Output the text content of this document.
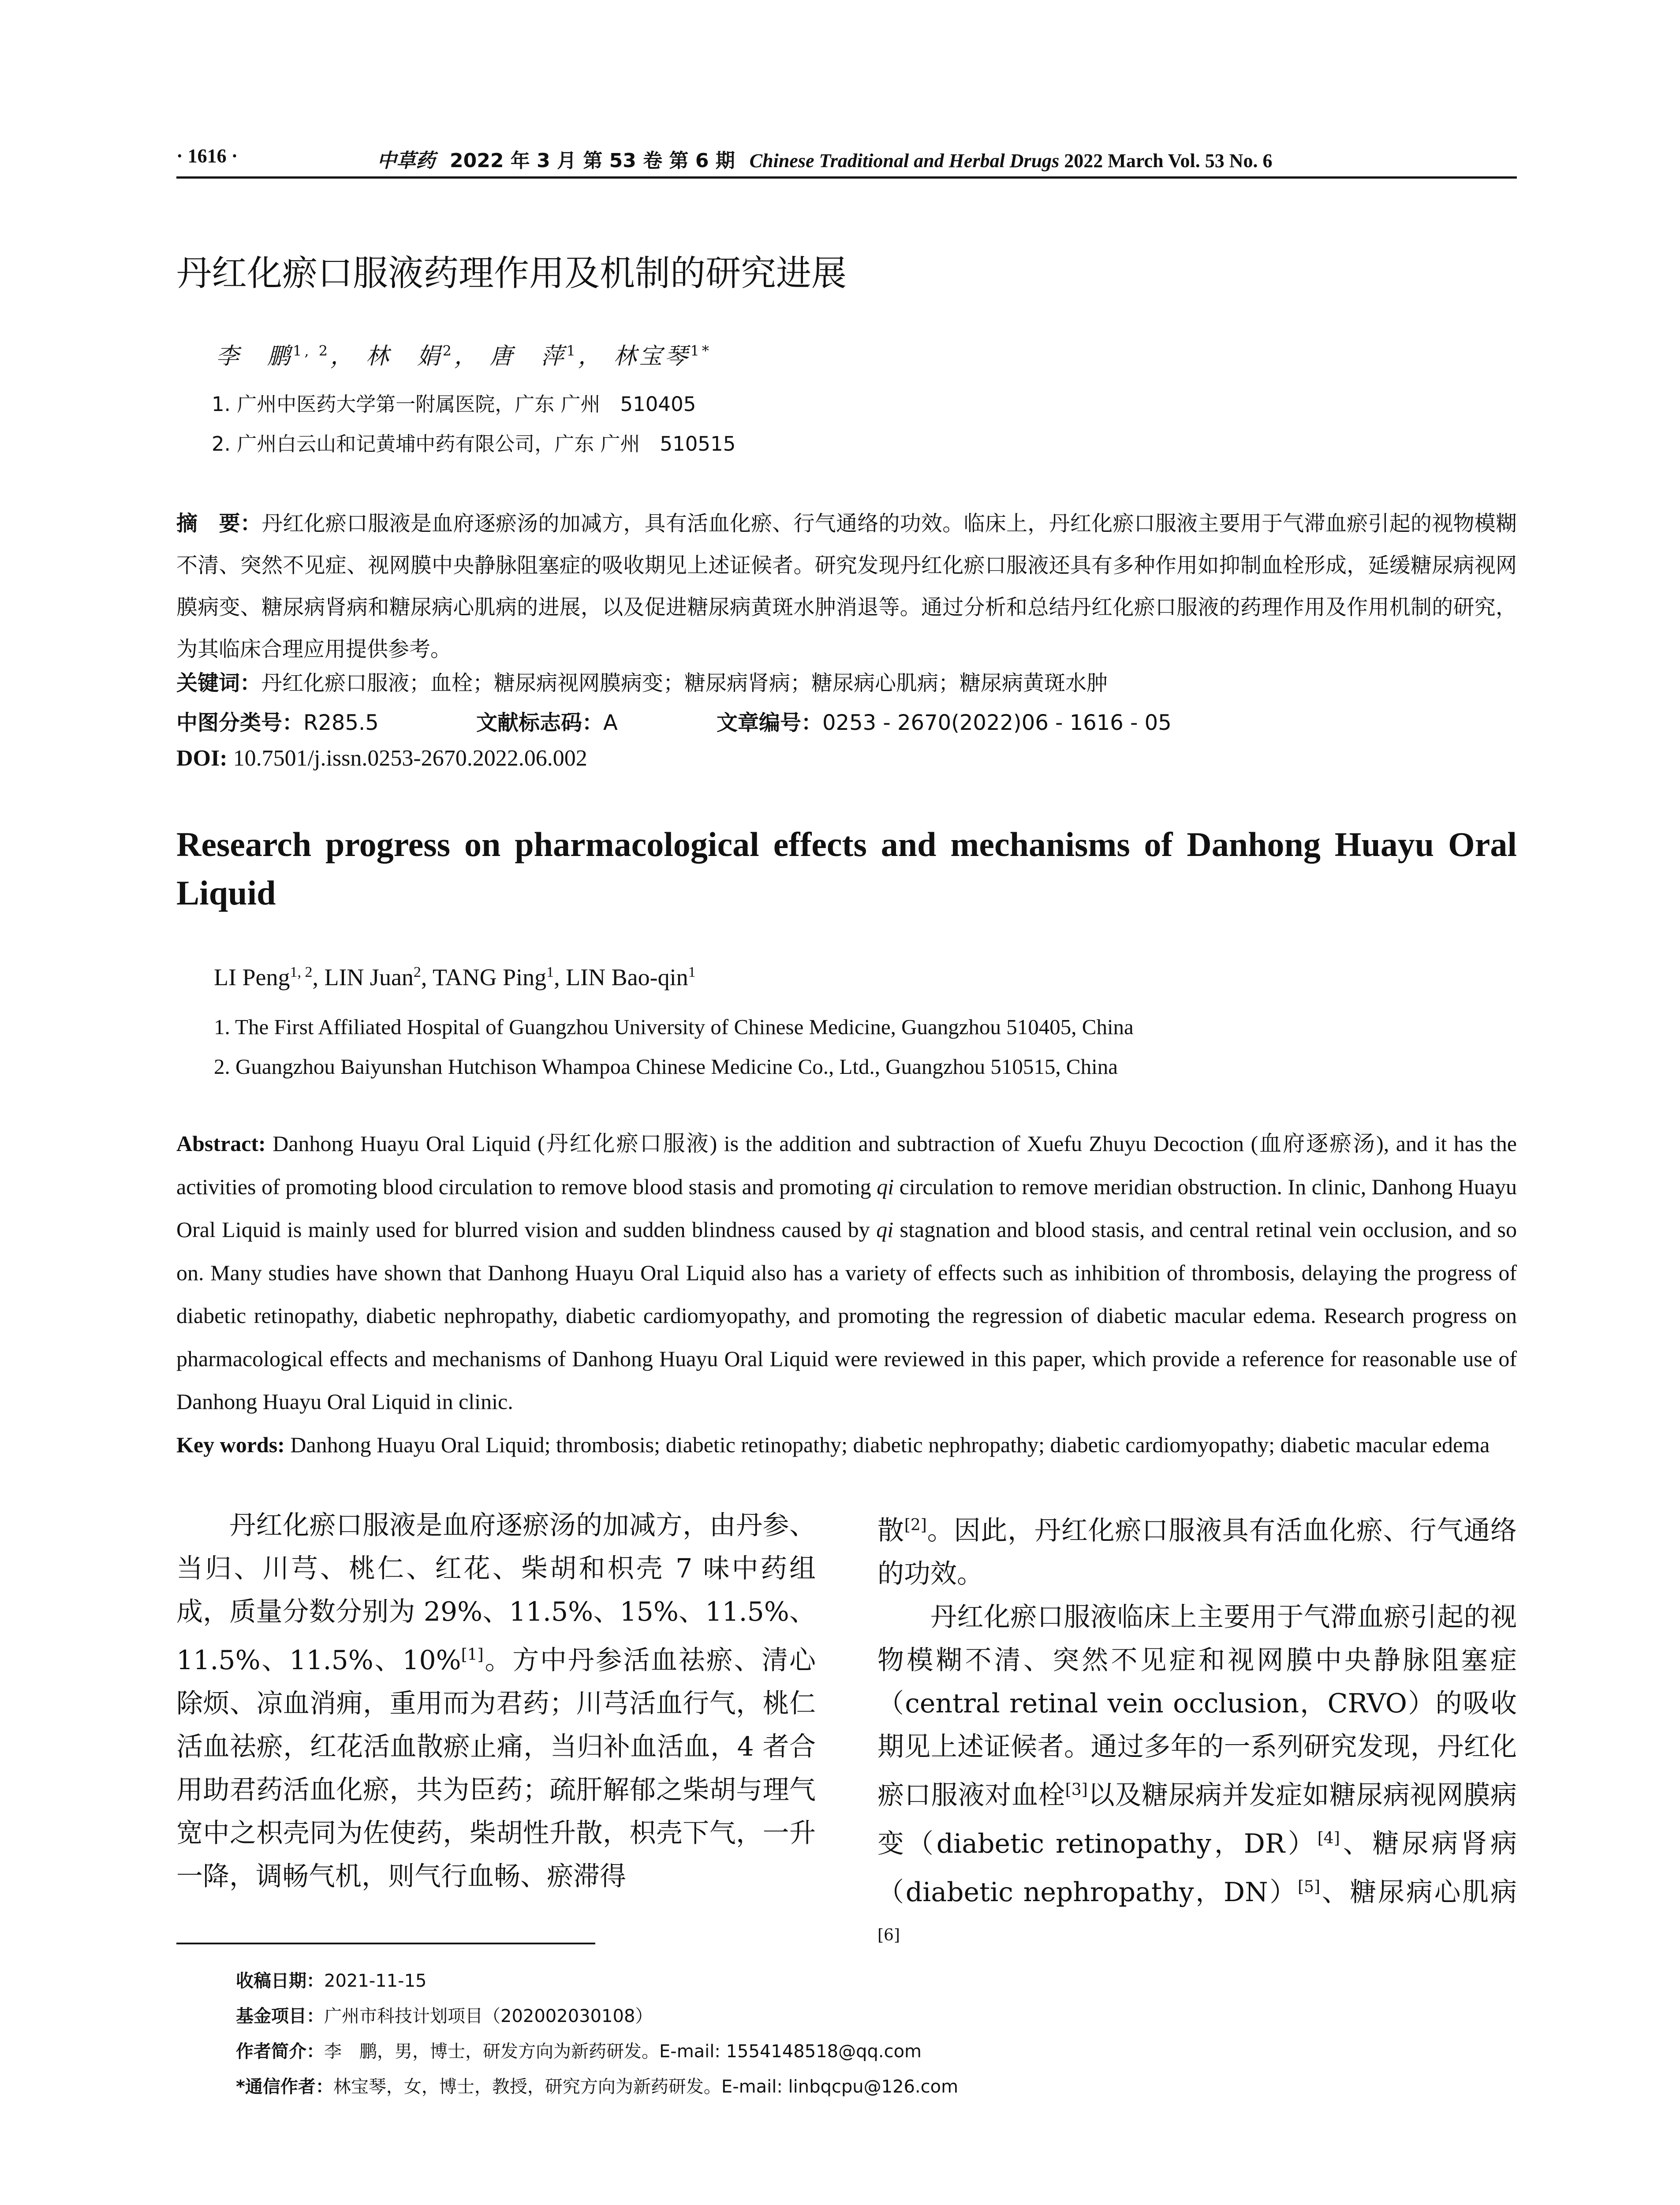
· 1616 ·	中草药 2022 年 3 月 第 53 卷 第 6 期 Chinese Traditional and Herbal Drugs 2022 March Vol. 53 No. 6
丹红化瘀口服液药理作用及机制的研究进展
李　鹏$^{1, 2}$， 林　娟$^2$， 唐　萍$^1$， 林宝琴$^{1*}$
1. 广州中医药大学第一附属医院，广东 广州　510405
2. 广州白云山和记黄埔中药有限公司，广东 广州　510515
摘　要：丹红化瘀口服液是血府逐瘀汤的加减方，具有活血化瘀、行气通络的功效。临床上，丹红化瘀口服液主要用于气滞血瘀引起的视物模糊不清、突然不见症、视网膜中央静脉阻塞症的吸收期见上述证候者。研究发现丹红化瘀口服液还具有多种作用如抑制血栓形成，延缓糖尿病视网膜病变、糖尿病肾病和糖尿病心肌病的进展，以及促进糖尿病黄斑水肿消退等。通过分析和总结丹红化瘀口服液的药理作用及作用机制的研究，为其临床合理应用提供参考。
关键词：丹红化瘀口服液；血栓；糖尿病视网膜病变；糖尿病肾病；糖尿病心肌病；糖尿病黄斑水肿
中图分类号：R285.5	文献标志码：A	文章编号：0253 - 2670(2022)06 - 1616 - 05
DOI: 10.7501/j.issn.0253-2670.2022.06.002
Research progress on pharmacological effects and mechanisms of Danhong Huayu Oral Liquid
LI Peng$^{1, 2}$, LIN Juan$^2$, TANG Ping$^1$, LIN Bao-qin$^1$
1. The First Affiliated Hospital of Guangzhou University of Chinese Medicine, Guangzhou 510405, China
2. Guangzhou Baiyunshan Hutchison Whampoa Chinese Medicine Co., Ltd., Guangzhou 510515, China
Abstract: Danhong Huayu Oral Liquid (丹红化瘀口服液) is the addition and subtraction of Xuefu Zhuyu Decoction (血府逐瘀汤), and it has the activities of promoting blood circulation to remove blood stasis and promoting qi circulation to remove meridian obstruction. In clinic, Danhong Huayu Oral Liquid is mainly used for blurred vision and sudden blindness caused by qi stagnation and blood stasis, and central retinal vein occlusion, and so on. Many studies have shown that Danhong Huayu Oral Liquid also has a variety of effects such as inhibition of thrombosis, delaying the progress of diabetic retinopathy, diabetic nephropathy, diabetic cardiomyopathy, and promoting the regression of diabetic macular edema. Research progress on pharmacological effects and mechanisms of Danhong Huayu Oral Liquid were reviewed in this paper, which provide a reference for reasonable use of Danhong Huayu Oral Liquid in clinic.
Key words: Danhong Huayu Oral Liquid; thrombosis; diabetic retinopathy; diabetic nephropathy; diabetic cardiomyopathy; diabetic macular edema

丹红化瘀口服液是血府逐瘀汤的加减方，由丹参、当归、川芎、桃仁、红花、柴胡和枳壳 7 味中药组成，质量分数分别为 29%、11.5%、15%、11.5%、11.5%、11.5%、10%[1]。方中丹参活血祛瘀、清心除烦、凉血消痈，重用而为君药；川芎活血行气，桃仁活血祛瘀，红花活血散瘀止痛，当归补血活血，4 者合用助君药活血化瘀，共为臣药；疏肝解郁之柴胡与理气宽中之枳壳同为佐使药，柴胡性升散，枳壳下气，一升一降，调畅气机，则气行血畅、瘀滞得

散[2]。因此，丹红化瘀口服液具有活血化瘀、行气通络的功效。

丹红化瘀口服液临床上主要用于气滞血瘀引起的视物模糊不清、突然不见症和视网膜中央静脉阻塞症（central retinal vein occlusion，CRVO）的吸收期见上述证候者。通过多年的一系列研究发现，丹红化瘀口服液对血栓[3]以及糖尿病并发症如糖尿病视网膜病变（diabetic retinopathy，DR）[4]、糖尿病肾病（diabetic nephropathy，DN）[5]、糖尿病心肌病[6]

收稿日期：2021-11-15
基金项目：广州市科技计划项目（202002030108）
作者简介：李　鹏，男，博士，研发方向为新药研发。E-mail: 1554148518@qq.com
*通信作者：林宝琴，女，博士，教授，研究方向为新药研发。E-mail: linbqcpu@126.com
